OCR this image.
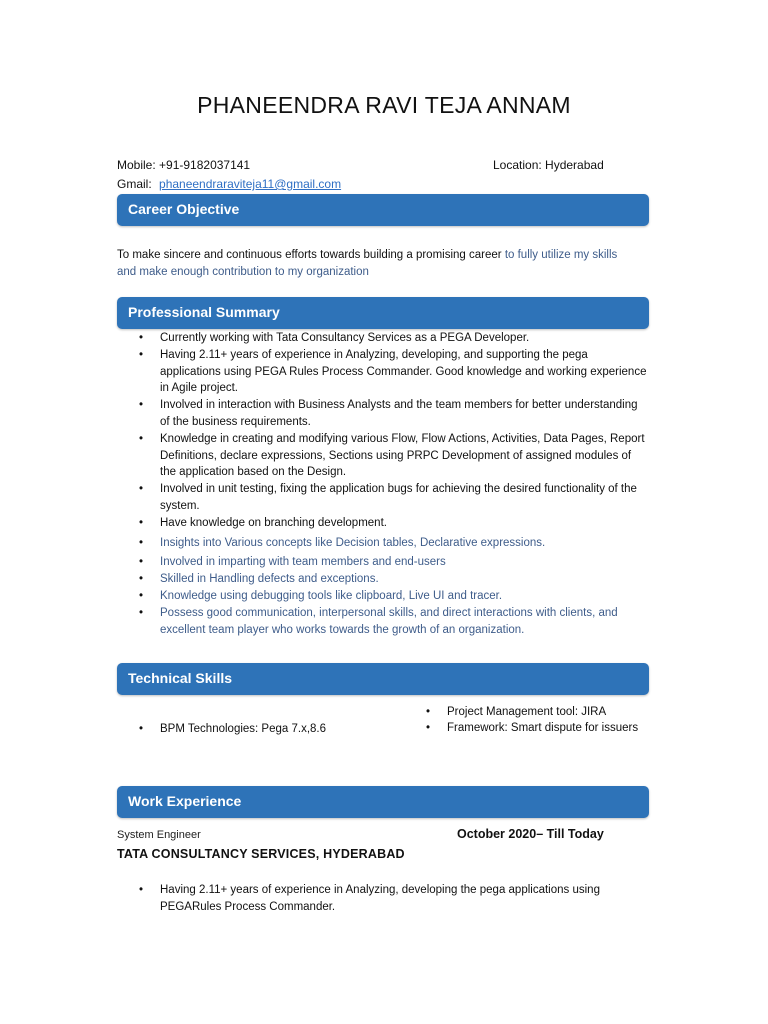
PHANEENDRA RAVI TEJA ANNAM
Mobile: +91-9182037141	Location: Hyderabad
Gmail: phaneendraraviteja11@gmail.com
Career Objective
To make sincere and continuous efforts towards building a promising career to fully utilize my skills
and make enough contribution to my organization
Professional Summary
• Currently working with Tata Consultancy Services as a PEGA Developer.
• Having 2.11+ years of experience in Analyzing, developing, and supporting the pega applications using PEGA Rules Process Commander. Good knowledge and working experience in Agile project.
• Involved in interaction with Business Analysts and the team members for better understanding of the business requirements.
• Knowledge in creating and modifying various Flow, Flow Actions, Activities, Data Pages, Report Definitions, declare expressions, Sections using PRPC Development of assigned modules of the application based on the Design.
• Involved in unit testing, fixing the application bugs for achieving the desired functionality of the system.
• Have knowledge on branching development.
• Insights into Various concepts like Decision tables, Declarative expressions.
• Involved in imparting with team members and end-users
• Skilled in Handling defects and exceptions.
• Knowledge using debugging tools like clipboard, Live UI and tracer.
• Possess good communication, interpersonal skills, and direct interactions with clients, and excellent team player who works towards the growth of an organization.
Technical Skills
• BPM Technologies: Pega 7.x,8.6
• Project Management tool: JIRA
• Framework: Smart dispute for issuers
Work Experience
System Engineer	October 2020– Till Today
TATA CONSULTANCY SERVICES, HYDERABAD
• Having 2.11+ years of experience in Analyzing, developing the pega applications using PEGARules Process Commander.
